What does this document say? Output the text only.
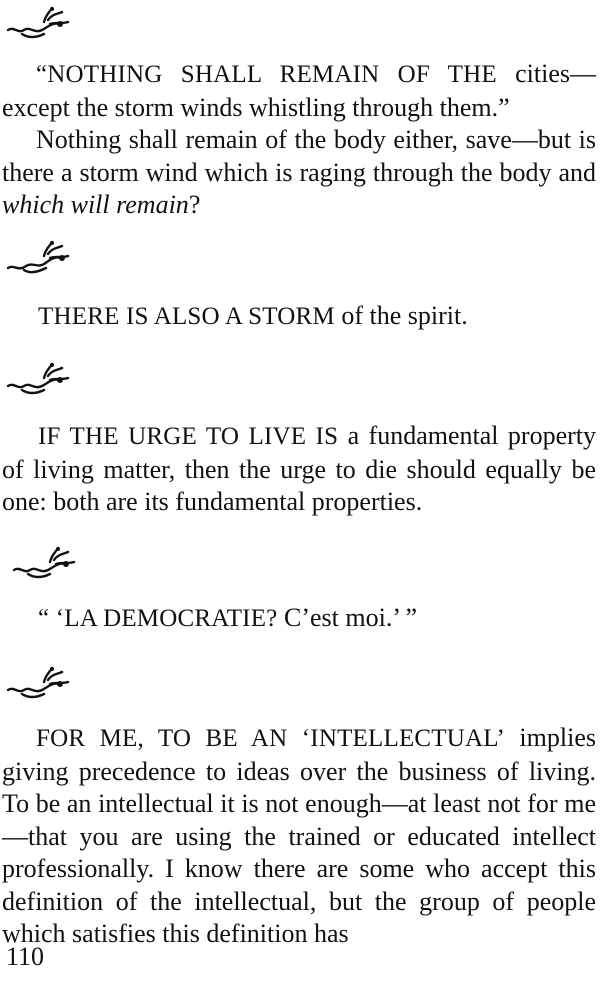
“NOTHING SHALL REMAIN OF THE cities—except the storm winds whistling through them.”

Nothing shall remain of the body either, save—but is there a storm wind which is raging through the body and which will remain?

THERE IS ALSO A STORM of the spirit.

IF THE URGE TO LIVE IS a fundamental property of living matter, then the urge to die should equally be one: both are its fundamental properties.

“ ‘LA DEMOCRATIE? C’est moi.’ ”

FOR ME, TO BE AN ‘INTELLECTUAL’ implies giving precedence to ideas over the business of living. To be an intellectual it is not enough—at least not for me—that you are using the trained or educated intellect professionally. I know there are some who accept this definition of the intellectual, but the group of people which satisfies this definition has

110
